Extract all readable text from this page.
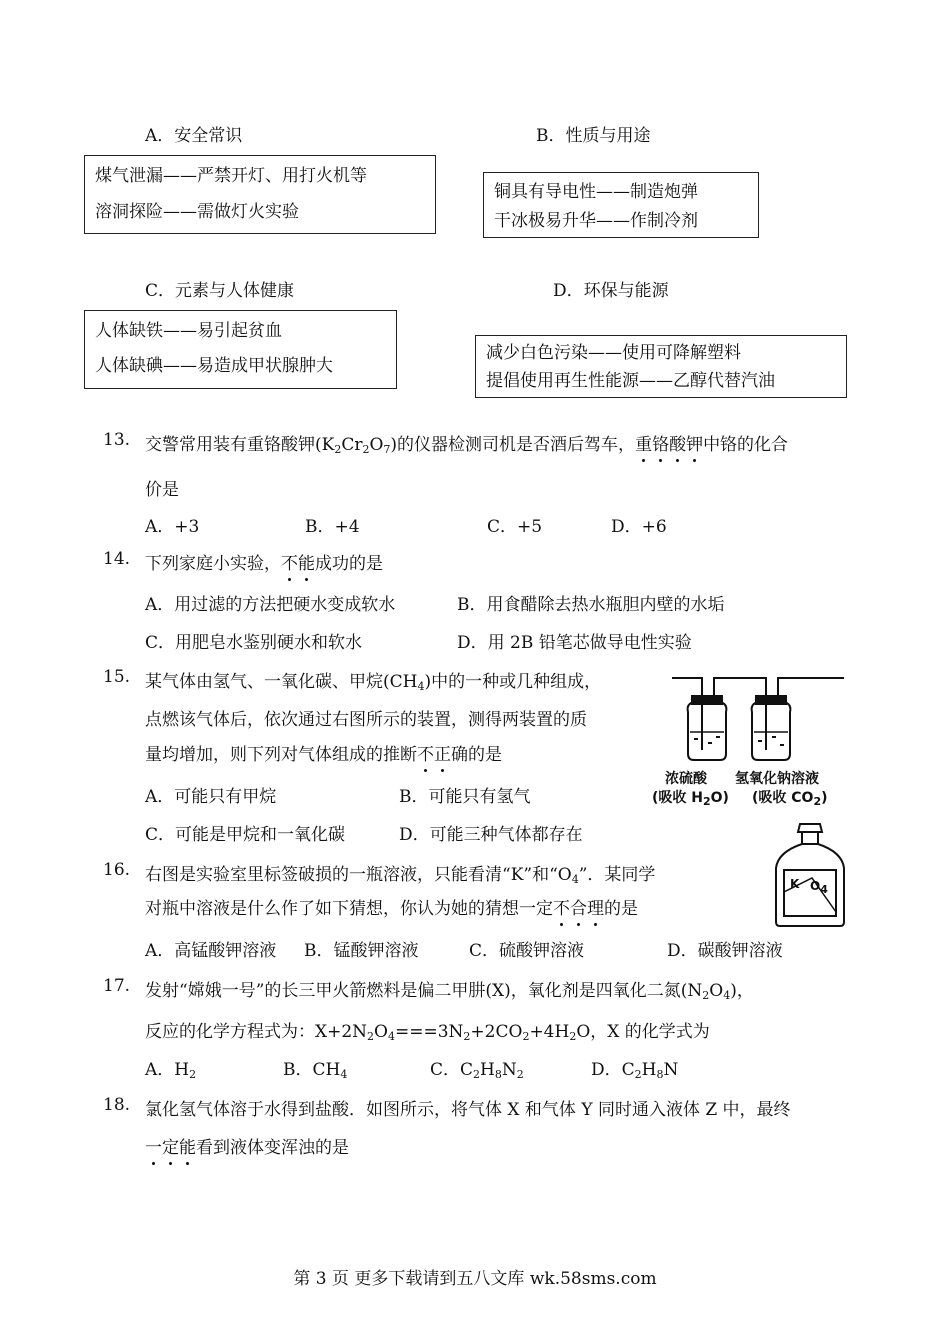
A．安全常识	B．性质与用途
煤气泄漏——严禁开灯、用打火机等
溶洞探险——需做灯火实验
铜具有导电性——制造炮弹
干冰极易升华——作制冷剂
C．元素与人体健康	D．环保与能源
人体缺铁——易引起贫血
人体缺碘——易造成甲状腺肿大
减少白色污染——使用可降解塑料
提倡使用再生性能源——乙醇代替汽油
13. 交警常用装有重铬酸钾$(K_2Cr_2O_7)$的仪器检测司机是否酒后驾车，重铬酸钾中铬的化合
价是
A．+3	B．+4	C．+5	D．+6
14. 下列家庭小实验，不能成功的是
A．用过滤的方法把硬水变成软水	B．用食醋除去热水瓶胆内壁的水垢
C．用肥皂水鉴别硬水和软水	D．用 2B 铅笔芯做导电性实验
15. 某气体由氢气、一氧化碳、甲烷$(CH_4)$中的一种或几种组成，
点燃该气体后，依次通过右图所示的装置，测得两装置的质
量均增加，则下列对气体组成的推断不正确的是
A．可能只有甲烷	B．可能只有氢气
C．可能是甲烷和一氧化碳	D．可能三种气体都存在
浓硫酸 氢氧化钠溶液
(吸收 $H_2O$) (吸收 $CO_2$)
16. 右图是实验室里标签破损的一瓶溶液，只能看清“K”和“$O_4$”．某同学
对瓶中溶液是什么作了如下猜想，你认为她的猜想一定不合理的是
A．高锰酸钾溶液 B．锰酸钾溶液	C．硫酸钾溶液	D．碳酸钾溶液
K $O_4$
17. 发射“嫦娥一号”的长三甲火箭燃料是偏二甲肼(X)，氧化剂是四氧化二氮$(N_2O_4)$，
反应的化学方程式为：$X+2N_2O_4===3N_2+2CO_2+4H_2O$，X 的化学式为
A．$H_2$	B．$CH_4$	C．$C_2H_8N_2$	D．$C_2H_8N$
18. 氯化氢气体溶于水得到盐酸．如图所示，将气体 X 和气体 Y 同时通入液体 Z 中，最终
一定能看到液体变浑浊的是
第 3 页 更多下载请到五八文库 wk.58sms.com
